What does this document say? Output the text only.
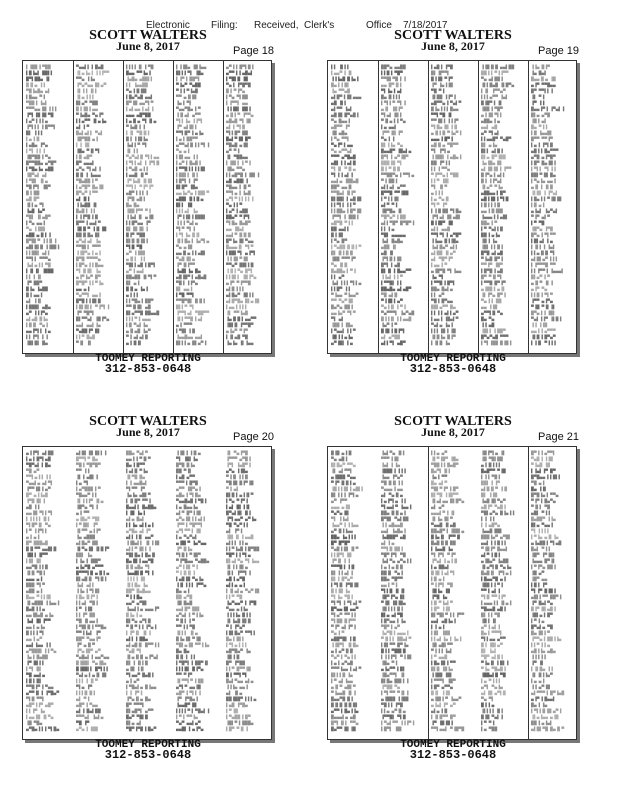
Electronic Filing: Received, Clerk's	Office 7/18/2017
SCOTT WALTERS
June 8, 2017	Page 18
▌▐██ ▌▀██
▌█▐▄▌ ██▌▌
█▀▌██▄ ▐▌
█▐▌▄ ▐▐
▀█▐▄█▄ ▄▌
▌█▄▄ ▀▐
▀██▐ ▐▄▌
▀▀▀▄▄ █▌▐▐▐
▐▀▌▐█ █▌▀█
▌▄▀▐ ▌▌▄
▐▀▌▌▌ ▌█▀▀▌
█▌ ▐▐▐
▌▄ ▌█
▌▄█▄ ▐▀▄
▌▀▌ ▌▌▐
▐█▀██ ▌▀▄
█▀▀██▄ ▄▀█▀
▌▀█▄▐▄ ▄██
▐█▀▄▌ ▄▌
▌▀█▌ ▐▌▄
▀█▐▀▌ ▐█▀
█▐ ██
▄█ █▀
▐▌▌▄ ▀▌
▐▄█ ▐▄▀
▀█▌ ▐▌▄█▀
▌▀▄ ▄▄▐
▀▄ ▐▐██
▄██ ▄▐▌▌▐
█▀█▌▀ ▐▐▐▌▐
▄█▌█▌█ ▐▐██▐
▌▌██▌ ▄▌▌
▀▀▌▌ ▀▀▀▄
▐▄▌▄▐▐ ▀█
▌▐▌▐▌ ▐███
▌▌ ▌▐▌
▐▀ ██▀
█▐▄ ▐▄██
█▐ ▄▄▐
▄▌ ▐▐▌
▌███▌ ▄█▄
▄▀ ▐▐▐▀▄
▄▌▄█ █▐▄
▌█▐▌ ▀▄▐
▄▄▐▀▌▌ ▌▄
▌▌▐▀▌ ▌▐
▐█▌█▌ █▄
▀▄▄▌▌▐ █▄█
▐▌▄▐▄▐ ▐▐▐▀▀
▀▀▄ ▐▐▄
▐▀▄▀▄▄ █▌▄▀
▐▌▐▐ ▐▌▌
▐▌▄ ▌▌▌
█▌▄▀ ▀██
█▐ █▌▌▄▄
▀▐▄█▄ ▀▄▐▀
▌▌▄▀▀ ▐▌▄▐▄
▄▌ ▌▀
█▄▌▄▌▌ ▀▄▌
▐█▀██ ▄▐
▌▐ ▐█
▐█▄ ▀▐▌▀▌
▌█ ▄█▀
█▀ ▄▄▄▌
▄▀▄ ▀▌▄▌▐
█▐▌ ▌▐▄▄▄
▀█▄██ ▌▀
▌▄▀█▀ █▄▐█
█▀▄▀ ▌▀▀
▄▌ █▐
▐▐▄██ ▐▌
█▄█▐ ▐▐
▌▐▐▀█ ▌█
█▀▀ ▌▄▄▌▀
▐█▐▌▀ ▐▐▌▐█
██▐▌█▄ █▌
▄▀▄▌▄▌ ▐▄
▀▀█▌▌ ▀▀▀
▐▐█▀▄ ▌▄▐
█▀█ ▀▀▀▀▄
▌█▀▄ ▌▌█▄▄
▀▌▐▌█▌ ▐▄
▄▐▀▐▄▀ █▀
█▀█▀ ▌▌▀▐▄
▄▄ ▄▐
▀▄▀▀▌ ▄▄▐
█▀█▐ ▌█▌█
▌█▌█▌▌ ▀▐▀▌▐
▐▀ ▀█▀▌
█▌▀▀▄▌ ▐█▐▀▄
▄▄▌ ▄▄▌▐▄
▀▄██▐▀ █▌
▌▌▀ █▄█
▀▐▌ ▐▌
▌▌▌▌▐▌ ▌▀█
█▄▄ ▀▀▐▄▐
▐▄█▄ ▄██▌▌
▌▌ ▐▄▄██
▀▄ ▌█▐█▌
▌█▄▀▄█ ▄▄▌
█▀▐█ ▄▄▀▌▀
▌▄▌▄▄ ▌▄▌▐
▄▄▄ ▄█▀██
▌▄▐▌▄ ▀▌▐▌▄
▀▐▄█ ▌▐
▌▐▌ ▀█▐▌▌
█▐ ▐▐█▐▄
▐▄▌▌▀ ▀▌
▐▌ ▌▌
▀▄▀▄▌█ ▀▌▌▄▄
▌▀▌▌▄▌ ▌▐▀▌█
▌▀▄█ ▄▐▐
▌▄▄█ ▐▌▀
▐▀▐▄█ ▐▌█▌
▀▀▌▌ ▀▐▀▐▀
▄█▀▐ ▌▌▐
▐▀█ ▄█▐
█▄ █▄
▐██▐▀▀ ▀▐
▐▐▄▌▐▌ ▄▐█
▌▌█▀▄▄ ▐▀
█▌▐█ █▌▐
█▐▀ ▀██
█▌█ █▐█▐
▀▌█ ▀█
▄▀ ▐▐██
▄▐▌▌ ▐▐
▀█▌▌▄█ ▌█▀▌
▄▀ ▌▄▄▌
██▄██ ▐▌▀▌▀
█▌ ▄▐
█▐▌▄ ▐▄▐
▄▐ ▌▌
▌▌▀█▄▐ ██▀
▀▀▐▌█▌ ▄█
█▌▄▀▀█ ██▄▄█
▌▌▌▀▐ ▄▄▄
▌█ ▀▄▌▐▄
▄▐▌▄█ ▐▄▀
▀▐ ▄▌▄▌█
▄▐ █▐▌
▌▐▐█▄ ▐█▐▄▄
█▌▌▌▀▌ ▐█▄
▌▐▀▐ ██▀▌
▀▐▄▀ ▀▄██
▀▐ ▌▀▐▄█
▀▀ ▄▐▌█▌
▐▄▐ ▀▌
▀▄▄▀█▄ ▌▀
▐▐▌▄▌ ▄▀▀
▀▌▌▐▄ ▐▐▀▌
▐▀ ▄▌█▌▌
▀▀▌█▀ ▌▄▐▄
▌▄▐ ██▀▀
▄▀▀▄▌█ ▌▌▀▌▐
▀▄ ▄▐
▌█▌▄▄ ▐▐
▌▄▀▐ █▄█▐
▌▀▀█▐▐ ▌▌█▌
▌██▌▌ █▐
▌█▀▌▐ ▐▀
█▌█▀ ▐█▄
▄▄▐▄▀▄ ▌██▌▀
▄██▌ █▐▐▌▄
█▌▌ ▐█
▌▌▌▄▌ ▐▄
▐▀▐▐█ ▌███▌
▐▐ ▌▀▄▌▄
▀▌▀ ▀▌▐
▌▀▌▐▄ █▐▌
▐▌▌█▄▐ ▐▄▀▌▄
▀▄ ▄▐█
▄▄▐▌▄ ▌▌▄█▌
▀▄█ █▌▄
▐▀ █▐▀▀
▐▄█▌▐▄ █▄
▄█▐█▀▐ ▄█▄█
▀█▐ ▐▐▀▄
█▌ ▄▄▐
▌▀█ ▀▀▌
▀▀█▀█▌ █▐▌▌
█▌▌▀ ▀▌
▐▀▀▌▄▌ ▀██▀▀
▐▌▌▀▀█ ▌▄▌
▄▐ ▀▀▀
▌▀█▌ ▌█
▐▄▄█▄▄ ▄▄▌
█▌▌▌▄ █▌▄▀▐
▄▀▐▐ █▀▌█▐
▄▀▀▐ ▌▄█▄▌
▌▀█▌█ ▐█
▀▄▐ ▐▀█▀█
█▐ ▀▐▀▄
▌▀▄ ▀▌██
▌▐▀▀▌ ▄▄
▐▐▐█▌ ██▐
▄▐▌▌▀ ▐▀▀▄
▄█▄█ ▀▌▐█
▄▌▐ ▀▌█
▀▌▌█▀ ██
█▄▌▀▐█ █▀
▀█▄█ ▄▐█
▄▀ ▀▐
▐▌ ▀██▄▄
▌▐█▌▌ ▌▀▐
▐█▄ ▀▀▄
▌▌▄█▀█ ▌▐█▌▐
▄█ ▄██▌▐
▀█▄▄ ▌▐▌▀
▀▀▌▄ ▌▐▄█
▄▀▌▀▐▐ ▌▌▐
▀▄ ▌▌▀
▌▄▀ ▌▄██
██▄▀ ▀▐▀▌
▀▌█▄ █▄█▀
▄▄ ▐█▄▌
▄▄▌▀ █▐▌█
█▀▐▄ █▌▀▄▄
█▄▄▄▐▌ ▀▌▀
▌██▌▀▌ ▄▐▀▌
▐▐ █▌▀▐█
▀▀▄▀ ██▌▌█
▐▐▌▌▀▄ █▀▌
▌▌█▌▌ ▐█▐▀▄
▄▐▀ ▀▐▀▀█
▄▌█ ▌▌▌
▄▌█▄▀ ▐█▐▐
▄▌█▀█▄ █▌▄▐█
▌▄▄▐ ▌▌▌
▐▌ ▀▀▐▄█
▐▄▐▌█▐ ▄▄▀▀
▐█▌█ ▐▀▀█▀
▄▐▄▀ ▀▐▀
▌▐▌▄█ ▀█
▐▄▐▄ ▐▌▐▄▄
TOOMEY REPORTING
312-853-0648
SCOTT WALTERS
June 8, 2017	Page 19
▌▌ ▐▌▌▌
▌▄▄▀ ▌▐▌
▐▐▐▄█ █▐▄▐
█▄▐ ▌█▌
▐▄ ▀▀▄█
▄▌█▀▐ █▌▄▄▄
▄█ ▐▌▌
▄▌▀▀ ▐▄▌
▄█▐█ █▀▄█▐
▀▄ █▄▄▐
▄█▀▀ ▐▀
▐█ ▄█▄
▌▀▄ ▀▀▌
▀▄▐▀▐ ▄▄
▀▄ ▄▀▀▄▌
▀▀▀ ▄▀█▄█
▄█▌▐ ▌▄▌█
▀▌▐▌ ▀▐▌▄
▀▌▐ ▌▄▌▐
▄▄▌▄ ▐██▄█
██▀ ▄▄▐▌
▀▀█▄▌ █▐▀
█▌██▌▐ ▄█▐█
▌▌▀▌▌ ▌▌▀
▌▌██▄ ▌█▀▐█
▐▀▀▌ ▌▐██▐
▄█▀█ ▀▐▐
██ ▄▄▌▌
█▐ █▌
▌▀▄ █▀
▌▀▄██ █▐▌▌▀
█▌ █▐▐▌█
▐██ ▀▀▀▐▀
▀▄ ▐▌█
█▄██▄▐ ▀▐
▌▌ ▄▀
▐▄▌▐▐▐ ▀▌▌▄
▌▌█▀ ▐▐
▀▐▄▄ ▀▐▄▄▀
▀▀ ▀▄▀▐█
█▄▀▄ ██▐
▄▄▐▄▀ ▀▌▀
▀▌ ▄▌
▐██ ▌▐█▄
▌▀▄▄▌ ▌▌▀
▐█ ▌▌▄▐▄
▄▀▐█▌ ▌▄
██▀▄ ▄▄██
▌▌█▐ ▀█▀
▀▀█▌▀█ ▌▐
▄▄ █▀▐▌▌
▀▌▐▄▐ ▄▌
█▄ █▐▐▐
▌▀▌▌▀ ▀▌▐
▄▐▌ ▐█▐▀
▀▌▄▌ █▌▌
▀▐▌▄▐ ▌▀▄
▌▄ ▄▄▌
▐▀▀ █▌▐▀
▀▄ ▌▐
█▌▐▐▄ ▀▄
█▄▄█▀ ▐█▄▌▄
█▀▌▐ ▄▀▐█▀
███▐█ ▀▌
█▐ ▀▐▌█
▀▀██▀▄ ▌▀▀▌▄
▀▐ ██▐
▄▌▌▄▌ ▄▀▀
█▀▀█ ▀▀▐██
▌▀▐▐ █▌
▄▌▀ ▀▐
▐█▀█▄ ▐▌
▀█▀▄▀ ▌██
▄▌▌▀█▀ █▀█▀▐
▌▌ ▌▄
▀█▌ ▄▄▄▄▄
▐▄▌ █▄█▄
▄██ ▐▌
▄█ ▐▌
▐▀▌█▐ █▌
█▀▌▐ ▄█
█▌▐▌▐ █▄▄▀▀
▐▐▄▌▐ ▌▀
▌▀▀█▌ ▌▌
██▄█▄ ▄▌▄█▀
▀█ ▄▌█
▀▐▐█▐ ▄▀
▀▄▐▐▌ ▌▀▐
▀▄▀▀▀▌ ▐▄▀▄█
█▐▐▐▌ ▌▌▄▄█
▐▄▀ ▌▀
█▐█ ▌█▐▀▌
▄▌ ▄▀██
▄▌▌▀▌ ▄█▀
▌▄█▐ ▐▀█
█▌ █▀▀▌
█▐▐█ ▀▐▀
▐▀ ▐▄▐▐█
▀█ ▀▐
▐▌██ ▐▐▀▐
▄█▀▀▄ ▌▀▄▌▀
█▐▄▐▐▐ █▄▄
▀▀▌▀█ ▐▌
▀▀▐█▐ ▐▐▐▀
▀▌█▄ █▌▐▐▌
▄▐▌▌█ ▀▐▄▀▐
▄▄▄ ▌█▀▐
▄█▐▌▄ ▀█▀▀
▀▌ ▐▀▌▄
▐▐██▌ ▌▄█▄▐
██ ▐▀▐▐
▌▌ ▌▀▀▄
▀▐▀▀▄▐ ▀██
▌▌▀ ▐█▌
▀▌ ▐▌▀
▄▐ ▌▌
▌▄ ▀▄▐▌
▀▌▀ ▐▀
▌▐▐▌██ ▀▌█▄
▐▀▌▄▌ █▌▄█▌
█▐▐█▀ ▐█
▄▌▌ ▄▄█
▀▀▌▀▌▐ ▄▀█▀
▐▐▄▄ █▐▐█▄
▐▄▌█▄▀ ▄▌▌
▄▌██ ▐▌▄▀
▄▌ ▀█▀▐▀
▌▄▄ ▌▀
▄▐█▀█ ▀▌▐▄▄
▐▄ ▀▌
▌▀▀█ ▌█▀▌
██▄ █▄▌▄
▌▌ ▄▀
▀█▐ █▀▄▄
██▌▄▀▀ █▄
▌▌▐▐ ▄▌▌▄▀
▌▄▄▐ ▐█▄▌▀
▀▄▌▄ ▐▄▐
▌▌▌▐█ ▌▐█
▐▌█▐▄ █▐▀
▌▐▌█ ▐▄
▐▐█▐▌█ ▄▄▌██
██▐▐ ▀▐▐▀▀
▀▄ ▄▌██▐
▐▌▌█▄█ ▐▌█▀▄
▌▐▌ ▐▀▀▄▀
▌▌▌▄▀▀ ▐▄▌
█▐█▀▐ ▐▌
▐██ ▌▀█▀
▄▐ █▌▀▌▌
▄██▄ ▌▄
▄▄▌ ▄█
▄▀ ▀▌▄▌
▌▌▄▄█▀ ▀▄█▀
█▌ ▄▐▄
█▌▌ ▄▌█▐
█▌▄ █▀▐██
▐▄▐█▄ █▌
▄▌▐█▐█ ▌▐▀▀
█▐▀▄▐ ▄▌▌
█▐ ▐▐▀▄▌
▐▌▄▀ ▀▐▄
▄██▄▄▐ █▀
▄█▐▐█ ▌▀▌█
▌█▐▐ ▌█
▄▄ ▌█▐██
▐▄▄▄▐ ▌▄█▌
██▄ ▌▀
▌▀ ▀▄▌▌█
██ ▌▄▐▄
▐█ ▌▐▄
▐█▌▐▐ █▐
█▀█ ▄▌▄█
▀▐▄█ █▀▐
▀▀▐▀ ▐█▀
▌█▀█ ▌▄█
█▀ ▀▐▌▀▌
▌▀▀█ █▀▐▀
▄▐██▐ ▄▐▌
▐▌▐▀▄ █▀▐
▀▄ ▌▌▐█▌
▄▄ ▐▐█
▄▀▀▌█ ▀▄
█▄ ▀▄
▐▐ ▄█
▐█▌▌ ▌██▀
█▀▄▀▄█ ▀▀▀
▌▀▌▐██ █▐█▐
▐▐▄ █▐▀
▐▄ █▄▌
█▄▄▐▌▄ ▐█
▄▐▀ ▀▀█▄▄
█▀ ▀▀▌▌▐
▐▌ ▀▐
▐▀ ▐▐
█▄▄▐▀▐ ▐▀▄▌▐
█▌▄ ▄▀█
▐█▐ ▄▌
█▄ ▀▐▐
▌█ ▐▄▄█▌
█▀▀ ▀▀▐▀
▌▄ ▌▐▀▌█
▄█▐▐ █▄▀▀▀
▄▀█ ▄▐▀█▀
▌█▀ █▄▐█▐
▌▀▌▌ ▀▌▐▐
██▌▀▐█ █▄
▌▀▄▐▄ ▄▄▐
▄▐▌▐ ▐▌█
▐▌█▌ ▌▐▀▄▌
▌█▄▐▐ ▀▐█▐█
▌█ ▄▐
▄▐▄▌ ▐▄▀▄▌
▀▐▀ ▄▌▀
▌▀ ▀█
▐█▀▄ ▐▀█
█▀▄ ▌▀▌▀▀
▌█▌▄▌ ▌▄
▌▐▌▌▐ ▐▄▌
▌▌▄▐▌█ ▀▌
▄▌█▌▄▀ ▌▌▌
▌▐▀▀▀█ ▀▀
▌▌▐▀▀▐ ▐▄▄▄▌
█▌▄▀ ▌▀
▄▐▌▀ ▐▌▐
▄▐▀ ▀▄
▌▌█ ▌▀▌▀
▐▀▀ ▄▐▀▄
▀▐█ ▀▐▌▐▌
█▀▄▐ ▌▐█▌
▀▄▌▐▐▀ ▐▌█▐
▐▐ ▐▐█
▄▄▐ ▌▄▀▀▀
▐▌█ ▌█▀▄▀
▌▐▐▌ ▀▐▐▐
TOOMEY REPORTING
312-853-0648
SCOTT WALTERS
June 8, 2017	Page 20
▄▐▐▀▌ ▄▌██
▌▄▐ █▀▌▄█
▀█▀▄▌▐ █▄
▀█ ▄▀
▀▀▌▄▐▐ ▐▐
▀▄▄▌▄ ▄▌▀▌
▐▀▀▐█ ▌▄▀
█▀ ▄▐▐▄█
▐▀█ █▌▐
▄█ ▐▐
▄▄▐█ ▀▌▌▀▌
▌▐▐▐▐ ▐▌▌
▀▌█▀▐▌ ▀▄
▌▀ ▐▐▀▌▌
▄▐ ▄▐
█▀ ███▄█
█▐▌▀▀ ▄▄█▌█
▐█▌▌ █▀▀
▌█▌ █▌
▄▄▀█ ▌▌█
▐▌█ ▀█▐
▄▄▄ ▄▐
███ ▀▌▀
▄██ ▄▐
█▄▄ ▀▐▐▐█
▐▌▄███ ▐▐▄▄▐
█▄█ ▌▌▄
▄▄▐█▄█ ▄▐▄
▐▄▌ █▌▐▀▀
▄▄▐ ▄▐▄
█▐▐ ▌▀▌
▄▄ ▌▄▀
▄▄▌▐▄▄ ▐▐
▄▀███▌ ▌▌▀▄
▐▄▐ █▄██
▐▀ █▌▌▌
▌▀▌ █▌
▀█ ▄▄▌▄
▌█▐ █▌
▀▀█▐▀ ▌▀▄▄
▄▀▀▐▌▐ ▐▀█▄▀
▀▌█ ▀▀▌
▄█▀▐▐▀ ▄█▀
▌▌▐▀ ▐▄
▌▄▄▐█ ▐▌▀▄
▐█ ▀█▄
▄▀█▄▐▐ ▌▀▌█▄
▄▌█▌▐█ █▌▌▐
█▀▀▌▀ █▄
▀█▐ ▀█▀█▀
▀▀ ▐▐
▐▌▐ ▄█▌▐
▌▄ ▀▌
▌▄▀███ ▌▀
▀█▄▄▀ ▌▌
▐▌▐▐▐▀ ▐▌▄
▐█▀▄ ▀▌▐
▄▐ ▀▀
▄▐█▄▀ ▀█▌
▌▀▐█▌ ▐▀
▐▌▀▀ ▄▐▐▀
▐▄ ▄███
▄▌█▄▀ ██
▐▌▀▄▐█ ▐▌█▐▀
██▌ ▐▄
▌▐▄ ▌▐██▀
▄▐▄▀█ ▄▀▀▀
█▀▀▀▌█ ▄▐▌▌▄
█▌▄█▐▌ ▀▌█▐
▐▄▌ ▄▌▌
▐▐▄ ▌▀▌█▌
▌█▄ █▐▀▐
▌▌▄▌ ▀█▐
▌▀ ▐▐█
▌▌▐▀ ██
▀█ ▐▌▄▄▐
▌▀█▌█ ▌▀▀█▄
▀▀▐▐▄▌ ▐▀
██▀ ▀▄▄▐▀
▐▀ ▄▐▌▀
▐▀▄▐█▀ ▄▀
▀▄█▄▌▐ ▄▄▀▄▄
█▐██▌ ▀▄▐█▄
█▐██▌▌ █▀▌▌▌
▀▄▌▄▐ ▄▐▌▐█
▌▌▌ ▌▐▌▀
▀▌▄ ▐▀
▌▌▌█ █▐
▄▌ ▀▐
▄█▀ ▌▀▄▄
▄▌▐ █▄▌██
▀▀▀▄▌ ▐▄▌▄
▀█ ▐▀
▄▀▄ ▌▐██
██▄ ▀▄▌▀
▄▄▐ ▌▀▐▌▀
█▄ ▌█▀▀
▌▄▌█ ▀▐▄
▐▌▀█ █▄
▌▐ ▄▄█▄▌
▀▌▀▀ ▐▀
▐▄▐▄ ▄█▌▀
▌▐▌█▀ ▀▀▐
█▄▄▌▌ █▄██▄
▌▐█ ▐▄▐
▄▌▄ █▄▌
▌▌▐▄ ▄▌▌▄▐
▄▀█▄ ▄▌▐▀
▄▌▌▐▐▌ ▄▄▀
▐▐█▄▌▌ ▐▌▐▐█
▄▌▌▀ █▌▌▐
▀█▌█▄▐ █▄▐▌
█▄▐█ ▌▄▄▀█
█▐▌▄█▄ ▀▌
▐▄▄█▌█ ▀▌▐
▐▐▐ ▌▐█
▐▌▌█▄ ▐▄
██▀ █▄█▄▄
▀▐ ▌█▄
▄▄▀ ▄▀█▌
▐▄▄▌▌▄ ▄▄▄▐▀
█▐▄ ▌▄
█▌▀▄ ▄▀▌█
▀▐▌▀▐ ▌▐▀▄▐
▌▐▀▐▌ ▐▌▐
▄▌▌▐ ██▄
▄▌▄█▐▌ █▀▀▐▐
▀▄█ ▀▌
▐▌▄▐▌█ ▄▐▀▄▌
█▌ ▌▐▌▌█
▄▐█ ▐▐▌
▀▌▄▄▀ █▄█▐
▄▐ ▄▀
▌▀█▄▌▄ █▐▄▄
▌▐ ▐▀▐
▐▀▄▐▌▄ █▄
█▀ ▀▀▀▌
█▌▄█▀▌ ▄▀▀
█▄▀ ▀█▌█
█▌▄ ▄▌
▀█▀▐▀█ ▌█▄▀
▐▐█ ▌▐▐▌▄
▀▌ ▐█▌▐▄
█▀█ █▐▄
██ ▀▐▌
▌▄█ ▄▀▀
▀▀▀▐ █▀█
▄▀▀ ▐█▀▄▐
▄█▄ ▌▀▌█▄
▀▄▄█▄█ ▌▀█▐
▌▄ █▄▄▐▄
▄▌▀ █▀▐▐█
▄▀▄▐█ ▌▌▄▌▌
▐▀▀▐ ▀█▀▀▌
▄▀▌▀▀▐ ▐█
▌▄ ▀▄▀▄▌
▄▐█▌▀ ▐▄▀▄▄
▐▀ █▐▄
▀▌█▐ ▀▐█▀
▀▐▀█▄▄ ▀▄██▄
▄▀▐▐█ ▀▐
▀▐ █▐▌▐
▌▄█▐█ ▀▄▐▄
▐▐▌▐▐▐ ▐▀▀▄
█▄ ▄▐
██ ▄▀█
▐█ █▄█
▄▄▌█▀ ██▌
▄▀▄▌▐ ▀▐▐▄
▀▐▌▌ ▌▀
▀▀ ▌▌▀█
▐▌▌▌ ▐▌▄
█▐▄▐█ ▀▐█
▀█▌▄▐█ ▀▀▐▐▄
█▄ █▄
█▐▌▐ ▐▐
▌▀█▀▌▐ ██▀▐▌
▌▌▌█▌ █▐▀▄
▀▀ ▀▐▀
▐▌▀▀▌▀ ▌██
▄▀▌▀ ▄▄▐█
▄█▀ ▌▀▌▌▐
▐▀ ▐▀█▄▐
▐▄▄█▀ █▌
▌▌▌▌▀▐ ▀█▄▌▐
▌▀▐ ▀▀▐▄
▀▄▀ ▄▄▌▄▀
▄▄█▌▐ ▄▐▀▄
▐▌ ▀▄▐▀█
▐▀▀▀ ▄▀█▐
▐▀▌ ▐▄█▀▐
▄▀▄ ▐▐█▄
▀▐▐▌ ▌▌█
▀█▐█ █▐▀▐█
▀▐ ▄▌
█▌█▐ ▄▐▐▌▀
▌▀▄ ▀▐▀▐
▌▄▌ █▌▐▐▌
█▀▄▌█▌ █▐
▐▀▌▄▄▀ ▄▀▐▄
▀█ ▀▄▀▐▐
▄▌ ▐▀▐
▐█▌▐▌ ▌▄▄█
▄▌▌▌ ▌▌▄
▌▌▀▐▄█ ▌█▀██
▀█▀▐ ▌▀▌▄
█▌▄▌▀▄ ▀▌▐▄▄
▐▌▐▐ █▌▄
▐▌▌ ▐▀▀▌▐
▄█ ▌▄▀█
▄▌▌▄ ▄▐
▌▐▌▄▌▄ ▀▄▀▐█
▌▌▀ ▀█
▐▄▀▄▄▀ ▌▐▀█
▀▄▄ ▄▐▐▄
▐▐▐▐▄ █▐▐
▐▌▐▄█ █▌█
▀▐ ▐▀▄▀
▌█▌█▄▀ ▀▀▌▌
█▄▐ █▌▌
▌▀▌▄▐ ▌▌
▄█▀█▄▀ ▐▄
▐█ ▌█
█▀ ▐▀██
▌▌▀ █▀▀▐█
█▐ ▀▀▌▀▌
█▄▌▀▄▄ ▄▌▄
▐▐▐▄ ▄▄▐
▄▌ ▐▌▄
██▐██▀ ▌▌▌▄
▌▄█ ▐▀█▄
▌▀ █▌
▌▀▄██ ▌█▀
▐█▌▀▐ ███▄
▌█▀ ▀▐▌▐
TOOMEY REPORTING
312-853-0648
SCOTT WALTERS
June 8, 2017	Page 21
█▐█ ▄▐▐▌
▀▄ ▄█▐
█▌█▄▀ ▀▀▄
▐▌ ▄▌▀▀▌
▄▐███ ▀▄▄
▀▐▀ █▐▌▌▄
▐█▐▐▐█ ▌▄█▌▌
█▌▐▐ ▌▐▀▌▄
▄▀ ▐▀▀
▄▄▄ ▄▐█
▀▄▀▄ █▌
▀▌ ▐▐▄▌
▐▄▄▀ ▌▐▐▄▄
▄▀ █▐▐▄▄
██▄ ▐▄▐▐▐
█▀ █▀█▀
▀▄█▐▐█ ▐▌▀
▌▌█▀▌ █▌
▐▀▐▌ ▌▐
▀▀▀█▐ ▐▐▌
█▌ ▌▌▄▌▐
█▌▐ █▀▄▀
▌▀▌█ ▐▀█▐█
█▐ █▌▐▄
▀▌▐▄ ▀█▐
▀▌▀▌▐ ▀▌▄▌▀
█▀▄▄▐█ ▄▄▀
▀▌▄▀ ▀▀▐▐
▀▌██ █▐▀▀
▀▐▀ ▄▌▐▀▐
▀▄ ▌▀
▄██▀█▌ ▌█
▐▐█▀▌ ▐▌█▄
▄▐ ▄▀▐▌█
▀▄▀▐ ▀▄▐▐
▌▄▐ ▄▀▄█
▀▀▀▐▄▄ ▌▄▌▀
█▌▌▌█ ▐▄
▌▀ ▄▌▐▄▄
▄▐▌▀ ▄█▌▀
▀▐▄▄█ ▐▌▐
█▄▄▀█ █▐
█▐▌█ █▐▌█▌
▄▀▀▐ █▄▐▐▄
█▄▄▄▌▄ ▄█
█▀▌▐▌▌ ▀▀▄
█▄▀▀ █▌▐█
▐▄▌▀▄ ▐▌▌
▀▀▀ ▌█▌
▐▄▌ ▌▐▄
▐███ ▌▐▐▐
▐▄▄ ▐▀▄▀
▀█ █▐▌▐▐
▀▄▄▄ ▌▄▄
▄▌ ▀▄▐▌▄
▌▄▐▀▌▄ ▐▐
▀▌▄▄▌▀ ▐▄▄▐
██▄ █▐▌▄▐
█▀█▌ ▀▄▌██
▐▐ ▄█▄▄█
▄▄▌ ▐▄█▄▐
▐▄███▀ ▄█
▄▌ ▌▄
▀▀▌█ ██▐
▀█▀▐▀▌ ▀█
▐▄▌▀▄ ▄▀▄▐▐
▌▄ ▌▄▐▌█
██▐▌ ▀▄▐
██▄ ▀█▀▀
▄▄▐ ▀▐
▀▌▌█ ▐▌▐▌
▐█▀▐▀▄ █▌
▀▐█ ▐█▐█▄
▐█▐▐▐ █▐
█▌▄ ▄▌▀█
▌█▀▄▄ ▌▐▄
▀█▀▐ ▄▀
▐▄▀█▐ ▄▄▄▐
▀▐▌▌▌ ██▄▌▀
▌█▌▀▀ █▀▐▄
█▐▐ ▀██▌█
▌▐▐▐▀▌ ▀▐▐█
▐█▄ ▀▐
▄▐▄▀▀ ▌█▌
▐█▄▀▀▌ ▐▌
█▌█▄ ██▌▌▐
▐▀██ ▀▄
▌▀▌▀▀ ▀▐▌▐
▄▐███ ▐▐██
▀█▐▐ ▐▀█
▌▌▄ ▄▀▐▌▄
▐▀▀█▌ ▀▌█
▌▀▄▌▀▀ ▐▐▐▀▐
▌█▀▌ ▐█▌
▌▌▄ ▄▀
▐▌▀▐█▀ ▐█▄
▀██▐▐ █▄█▀
█▄▀▌ █▐
▐▄▐ ▀▀
█▄ ▄▌▀
▀█▌▀▐▀ ▌█▀
█▌▀█ ▐▐█▀▀
▐▌▄▌▄▄ █▌█▀▄
▄▌ ▄▀
▄▄▄▌▀ ▌▐▌
▐▌▐▄ █▌▀
▀▄▄█ ▐▌▄█
██▄█▀▐ ▐██▌▄
█▐▄▐▌ ▐▀▀▐▌
█▄█▐▌█ ██
▌▐▄▄█ ▐▄
▀▌▐▀▌ ▀▐▀
▐▀▄▌ ▌▄▐▐▌
▌▄ ██▄▌
█▐█ ▌▄▌▀▌
▌█ ▄▐
▀▐▐▀▌ ▀█
▐█▐▄ ▐█
▐▀█ ▐▄
▌█ ▀▐▄▌▀
▌█▀ ▐▐█
█▌▀█▌▀ ▌▌▐▀▀
▄▄▌ ▄█▐▄▐
▌▐ ▄▐
▌█▌ ▐██
▌▌▄▌▐▄ ▌▐▄▐
▐█ ▄█▌▀▀
▀▐ ▌▌▐▄▌
▌▀ ▄▄█
▌█▄▐█ ▌▀▀
█▌█ ▐█▐▄
▐▐██ ▐█▌
▌▀▀▀▌ ▐█▀
▌█▀ ▄▀▀▄
█▐▌ ▐▐█
▄▐█▌▌▀ ▐▄▄▀
▄▐▄▌▐▀ ▄▀
▄▌▄ ▌█
▌▐▌█▀▀ █▀
▐▀ ▐█▐█▐
▀▀▌▄▄▌ ▀▐█▀█
▐█▐▀▌▄ ▐▌
▐█ ▀█▌██
▄▐ █▐▐▐
█▄█▀▀ ▀▐█
▌▐▐ ▀█▐
██▌ ▌▐▀
▄▌█▐▌▀ ▐▐▌
█▌ ▐▐█
▐▄█ █▌▀▄▀
▄█▐▀ ▀▄█▐
▀█▌▄▀▄ █▐▄▐▐
▌▐ ▐▐
▌▐ ▄█▀▄
▐▄▄█ ██▌
███▐▄▀ ▄▀█▌
▄▄▌▐ ▌█▐▐
▀▐█▐▀ █▄▄▌
▄▌▀ ▌█▐
▄▐█▄▀ ▐▄██
▐▌▄▀▌█ ▀▄▐▄
█▄█▐▌ ▐▀▌▄▐
▌█▄▄▀█ ▄▐
▐██▐ ▌▀▐
▀▀▐ ▄▌▐
▀▌█ ▀▀▐▐▀
▌▄▄▄▐▐ ▐▌▄▐
▀█▄▄█ ▄█▐
█▌▐▐ ▀█
▐█▐ ▐▌
▄▀ ▌▄▌▐
█▄▐ ▀▀▀▌
▀▌▌▄▄ ▄▀▀
█▐ ▐█▌▄▀
█▌ ▐▄▌
▀█▀ ▄▌█▐
▀▐▄▐▌ ▌█▌▐
▀▐▄ ▀█▄█▐
▐██▄▌█ ▀█
▌▄ ▀▐▐▐
▄▀▌ ▀▄▐▄
▄▌▐█ ▄▀▌█
▀▄ ▀▌
█▐ ▌▄
▐▌▌▌▌ █▐
█▐█ ▀▄▌▐
▌▀ ▀▐
▌▄ ▀██
█▀▐ ▌▄▀▀▌
▀▄█ ▌▐▐█
▀▐▄█ ▐█
▌▐▄▌▐▀ █▀
█▀█▄▄ ▌▌█▌▌
▀█ ▄▐
█▄ ▐▐▌
█▀█▐▄▐ ▀▀▄
▀▐▀▐ █▄▀▄
▀▐▌▌ ▀█
▄█▌ ▀▐▐
█▄██▀ ▐▐▄
█▌▄ ▀▄▄▐
▀▌ ▌▌▌▌
▌▀▐▄ ▄▐▌▐▄
▄▐▄██▐ ▀▌▄█
█▄▌ ▀▐▐
▐█▀ ▐▀▐█▌
▐▄▄▄ █▀▐▌
▌▀▐▀▄ ██▐
▐█ ▄▀
▐█▀ ▄▄
▌█▐ ▐▀
▀▌▐▀ █▐█▐
▄█▌▌▀▀ ██▀▐
▐▀ █▄▌▀▄
█▐▀ █▌▄█▐
▐█▌▄▐ █▀
▌▀ ▌▄
█▀▄▌▄ ▀█
█▄ █▌▌▀
▐▀▀▄▐ ██▐▐▄
▌▌▀ ▌▌▄
▄█▐▐▄ ▄█▄
▐▐▐ ▌▌
▐▀ ▐▌
▌▐▌█▄ ▐▐
▐▌ █▐▐▄▀
▌▄ ▄▐
▐▐ ▄▀▐█
▄▌▀▀▀▐ █▀▐▄█
▄▐▀ ▌█▄▄▌
█▄ ▌▐▄
▌▀▌▌█ █▌▄▀▐
▐▌▄▐▄▄ ▄▐█
██ ▌▄▐▄▌
▄▌█▌▀█ █▄▐▌▀
TOOMEY REPORTING
312-853-0648
